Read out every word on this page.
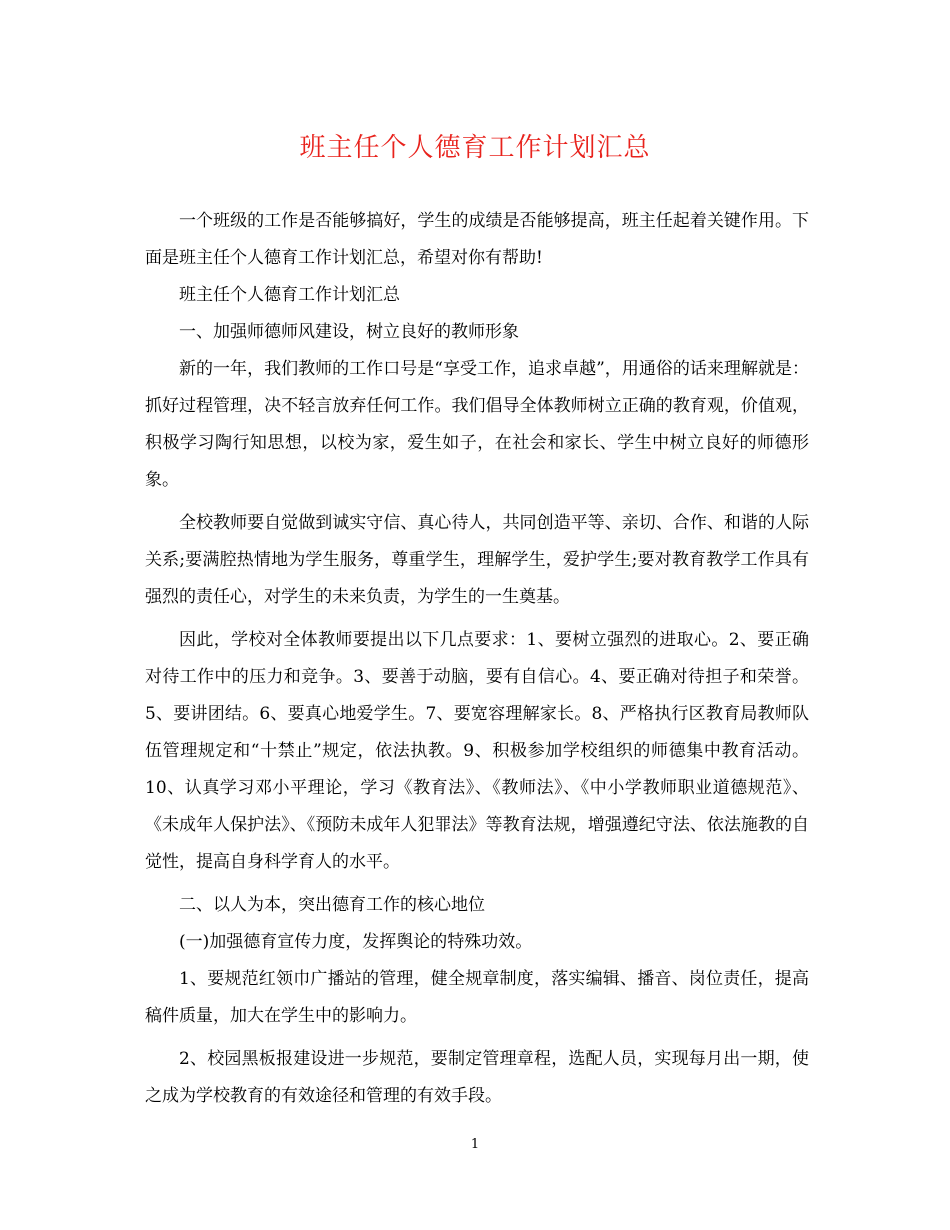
班主任个人德育工作计划汇总

一个班级的工作是否能够搞好，学生的成绩是否能够提高，班主任起着关键作用。下面是班主任个人德育工作计划汇总，希望对你有帮助!

班主任个人德育工作计划汇总

一、加强师德师风建设，树立良好的教师形象

新的一年，我们教师的工作口号是“享受工作，追求卓越”，用通俗的话来理解就是：抓好过程管理，决不轻言放弃任何工作。我们倡导全体教师树立正确的教育观，价值观，积极学习陶行知思想，以校为家，爱生如子，在社会和家长、学生中树立良好的师德形象。

全校教师要自觉做到诚实守信、真心待人，共同创造平等、亲切、合作、和谐的人际关系;要满腔热情地为学生服务，尊重学生，理解学生，爱护学生;要对教育教学工作具有强烈的责任心，对学生的未来负责，为学生的一生奠基。

因此，学校对全体教师要提出以下几点要求：1、要树立强烈的进取心。2、要正确对待工作中的压力和竞争。3、要善于动脑，要有自信心。4、要正确对待担子和荣誉。5、要讲团结。6、要真心地爱学生。7、要宽容理解家长。8、严格执行区教育局教师队伍管理规定和“十禁止”规定，依法执教。9、积极参加学校组织的师德集中教育活动。10、认真学习邓小平理论，学习《教育法》、《教师法》、《中小学教师职业道德规范》、《未成年人保护法》、《预防未成年人犯罪法》等教育法规，增强遵纪守法、依法施教的自觉性，提高自身科学育人的水平。

二、以人为本，突出德育工作的核心地位

(一)加强德育宣传力度，发挥舆论的特殊功效。

1、要规范红领巾广播站的管理，健全规章制度，落实编辑、播音、岗位责任，提高稿件质量，加大在学生中的影响力。

2、校园黑板报建设进一步规范，要制定管理章程，选配人员，实现每月出一期，使之成为学校教育的有效途径和管理的有效手段。

1
